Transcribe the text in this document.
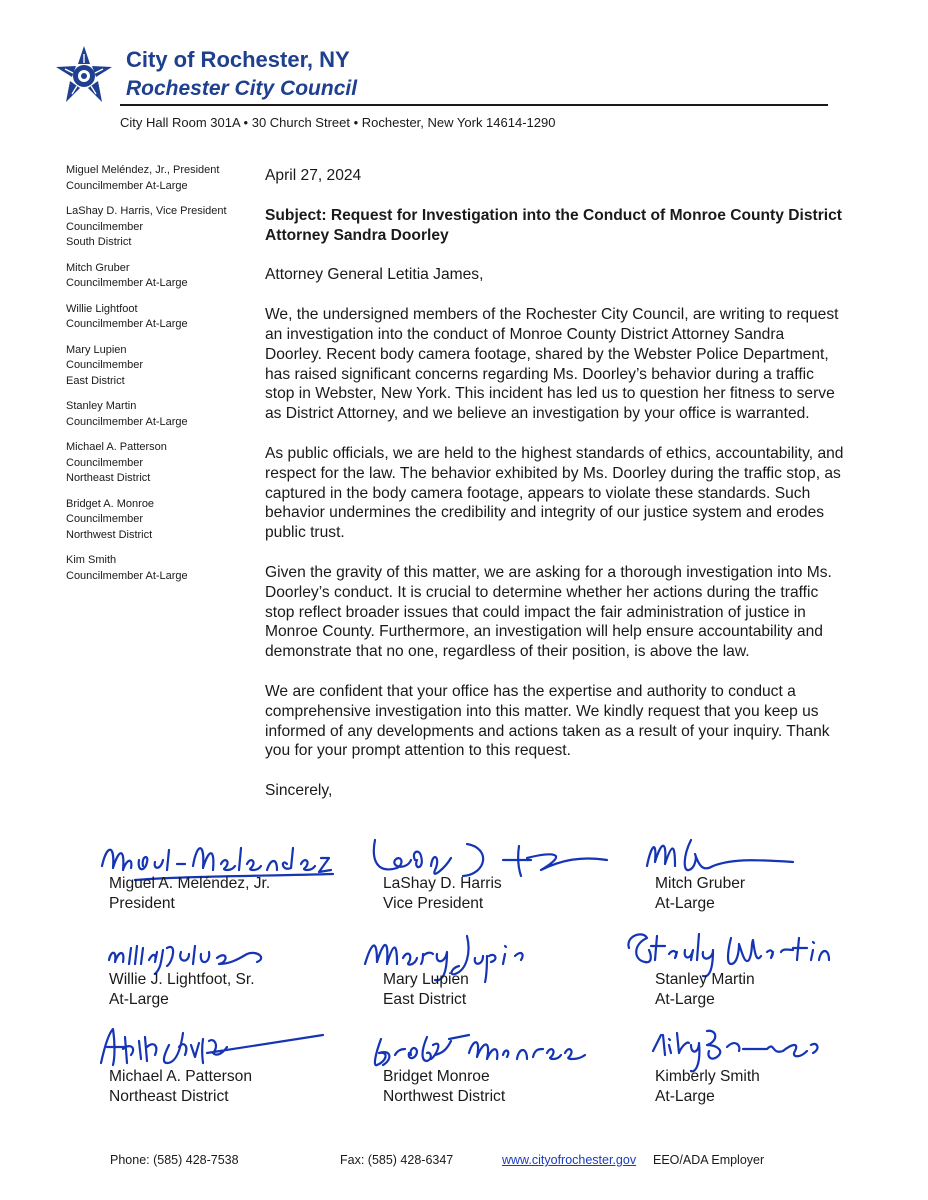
City of Rochester, NY
Rochester City Council
City Hall Room 301A • 30 Church Street • Rochester, New York 14614-1290
Miguel Meléndez, Jr., President
Councilmember At-Large
LaShay D. Harris, Vice President
Councilmember
South District
Mitch Gruber
Councilmember At-Large
Willie Lightfoot
Councilmember At-Large
Mary Lupien
Councilmember
East District
Stanley Martin
Councilmember At-Large
Michael A. Patterson
Councilmember
Northeast District
Bridget A. Monroe
Councilmember
Northwest District
Kim Smith
Councilmember At-Large

April 27, 2024

Subject: Request for Investigation into the Conduct of Monroe County District Attorney Sandra Doorley

Attorney General Letitia James,

We, the undersigned members of the Rochester City Council, are writing to request an investigation into the conduct of Monroe County District Attorney Sandra Doorley. Recent body camera footage, shared by the Webster Police Department, has raised significant concerns regarding Ms. Doorley’s behavior during a traffic stop in Webster, New York. This incident has led us to question her fitness to serve as District Attorney, and we believe an investigation by your office is warranted.

As public officials, we are held to the highest standards of ethics, accountability, and respect for the law. The behavior exhibited by Ms. Doorley during the traffic stop, as captured in the body camera footage, appears to violate these standards. Such behavior undermines the credibility and integrity of our justice system and erodes public trust.

Given the gravity of this matter, we are asking for a thorough investigation into Ms. Doorley’s conduct. It is crucial to determine whether her actions during the traffic stop reflect broader issues that could impact the fair administration of justice in Monroe County. Furthermore, an investigation will help ensure accountability and demonstrate that no one, regardless of their position, is above the law.

We are confident that your office has the expertise and authority to conduct a comprehensive investigation into this matter. We kindly request that you keep us informed of any developments and actions taken as a result of your inquiry. Thank you for your prompt attention to this request.

Sincerely,

Miguel A. Meléndez, Jr.
President
LaShay D. Harris
Vice President
Mitch Gruber
At-Large
Willie J. Lightfoot, Sr.
At-Large
Mary Lupien
East District
Stanley Martin
At-Large
Michael A. Patterson
Northeast District
Bridget Monroe
Northwest District
Kimberly Smith
At-Large
Phone: (585) 428-7538	Fax: (585) 428-6347	www.cityofrochester.gov EEO/ADA Employer
